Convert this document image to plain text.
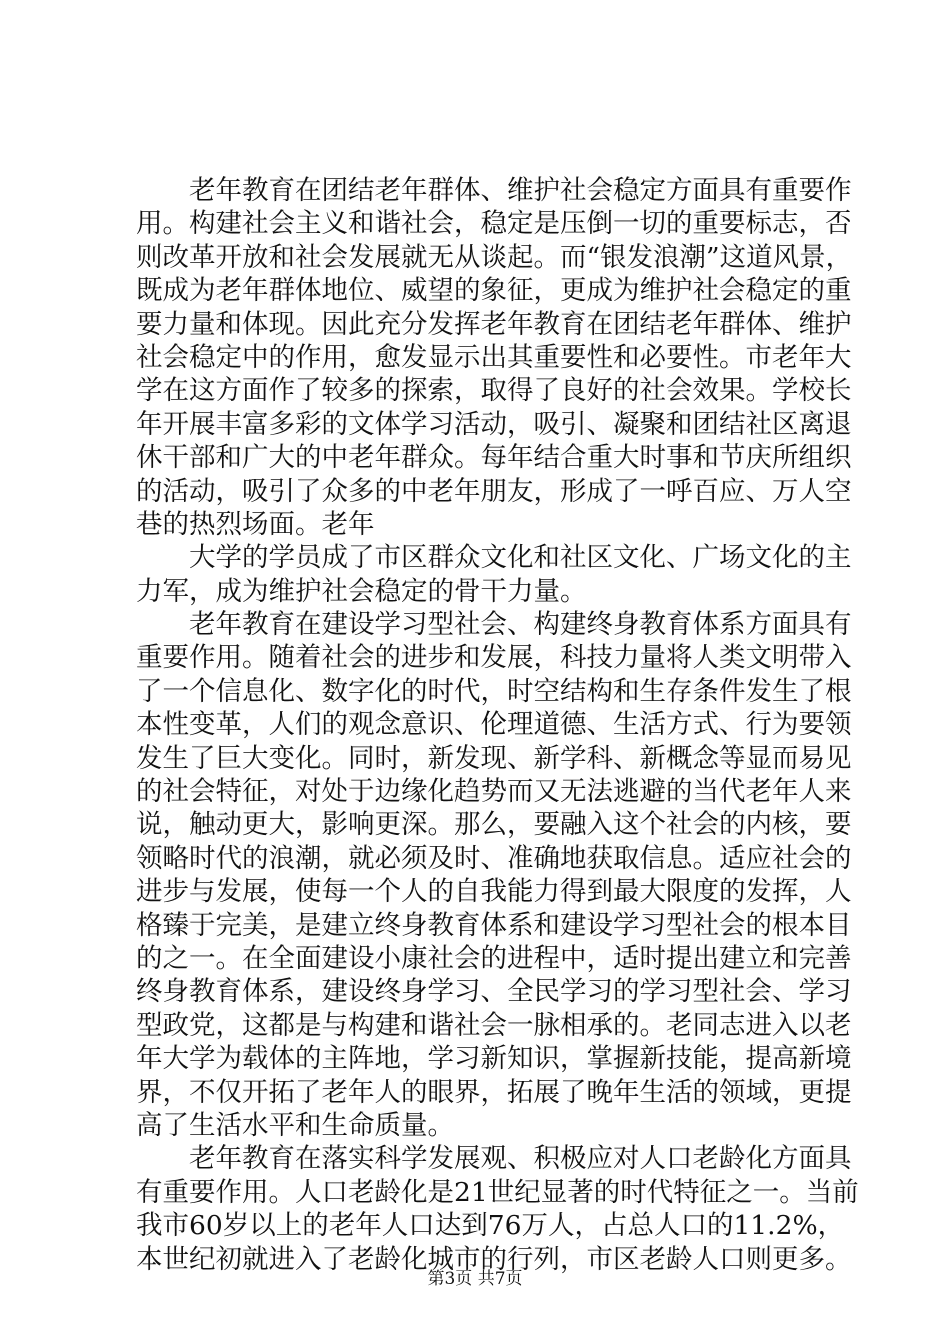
老年教育在团结老年群体、维护社会稳定方面具有重要作
用。构建社会主义和谐社会，稳定是压倒一切的重要标志，否
则改革开放和社会发展就无从谈起。而“银发浪潮”这道风景，
既成为老年群体地位、威望的象征，更成为维护社会稳定的重
要力量和体现。因此充分发挥老年教育在团结老年群体、维护
社会稳定中的作用，愈发显示出其重要性和必要性。市老年大
学在这方面作了较多的探索，取得了良好的社会效果。学校长
年开展丰富多彩的文体学习活动，吸引、凝聚和团结社区离退
休干部和广大的中老年群众。每年结合重大时事和节庆所组织
的活动，吸引了众多的中老年朋友，形成了一呼百应、万人空
巷的热烈场面。老年
大学的学员成了市区群众文化和社区文化、广场文化的主
力军，成为维护社会稳定的骨干力量。
老年教育在建设学习型社会、构建终身教育体系方面具有
重要作用。随着社会的进步和发展，科技力量将人类文明带入
了一个信息化、数字化的时代，时空结构和生存条件发生了根
本性变革，人们的观念意识、伦理道德、生活方式、行为要领
发生了巨大变化。同时，新发现、新学科、新概念等显而易见
的社会特征，对处于边缘化趋势而又无法逃避的当代老年人来
说，触动更大，影响更深。那么，要融入这个社会的内核，要
领略时代的浪潮，就必须及时、准确地获取信息。适应社会的
进步与发展，使每一个人的自我能力得到最大限度的发挥，人
格臻于完美，是建立终身教育体系和建设学习型社会的根本目
的之一。在全面建设小康社会的进程中，适时提出建立和完善
终身教育体系，建设终身学习、全民学习的学习型社会、学习
型政党，这都是与构建和谐社会一脉相承的。老同志进入以老
年大学为载体的主阵地，学习新知识，掌握新技能，提高新境
界，不仅开拓了老年人的眼界，拓展了晚年生活的领域，更提
高了生活水平和生命质量。
老年教育在落实科学发展观、积极应对人口老龄化方面具
有重要作用。人口老龄化是21世纪显著的时代特征之一。当前
我市60岁以上的老年人口达到76万人，占总人口的11.2%，
本世纪初就进入了老龄化城市的行列，市区老龄人口则更多。
第3页 共7页
